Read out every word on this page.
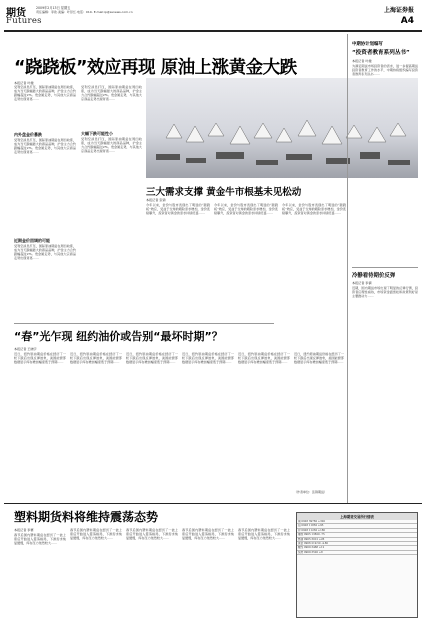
期货	2009年2月13日 星期五
责任编辑：李欧·美编：叶彭红·电话：010- E-mail:ip@ssnews.com.cn
Futures
上海证券报
A4
“跷跷板”效应再现 原油上涨黄金大跌
本报记者 叶健
受利空消息打压，国际原油期货在周四收涨，成为当天跌幅最大的商品品种，沪金主力合约跌幅超过2%。贵金属走势，与其他大宗商品走势出现背离……
内外盘金价暴跌
受利空消息打压，国际原油期货在周四收涨，成为当天跌幅最大的商品品种，沪金主力合约跌幅超过2%。贵金属走势，与其他大宗商品走势出现背离……
近期金价回调的可能
受利空消息打压，国际原油期货在周四收涨，成为当天跌幅最大的商品品种，沪金主力合约跌幅超过2%。贵金属走势，与其他大宗商品走势出现背离……
受利空消息打压，国际原油期货在周四收涨，成为当天跌幅最大的商品品种，沪金主力合约跌幅超过2%。贵金属走势，与其他大宗商品走势出现背离……
大幅下跌可能性小
受利空消息打压，国际原油期货在周四收涨，成为当天跌幅最大的商品品种，沪金主力合约跌幅超过2%。贵金属走势，与其他大宗商品走势出现背离……
三大需求支撑 黄金牛市根基未见松动
本报记者 张锦
今年以来，金价与股市表现出了明显的“跷跷板”效应，受益于全球的避险需求增加，金价连续攀升，投资者对黄金的需求持续旺盛……
今年以来，金价与股市表现出了明显的“跷跷板”效应，受益于全球的避险需求增加，金价连续攀升，投资者对黄金的需求持续旺盛……
今年以来，金价与股市表现出了明显的“跷跷板”效应，受益于全球的避险需求增加，金价连续攀升，投资者对黄金的需求持续旺盛……
中期协计划编写
“投资者教育系列丛书”
本报记者 叶健
为满足期货市场投资者的需求，进一步提高期货投资者教育工作的水平，中期协将组织编写投资者教育系列丛书……
冷静看待期价反弹
本报记者 李倩
近期，国内期货市场出现了明显的反弹行情，投资者应理性看待，市场资金面宽松和政策利好是主要推动力……
“春”光乍现 纽约油价或告别“最坏时期”？
本报记者 王晓宇
近日，纽约原油期货价格在经历了一轮下跌后出现反弹迹象，美国能源部数据显示库存增加幅度低于预期……
近日，纽约原油期货价格在经历了一轮下跌后出现反弹迹象，美国能源部数据显示库存增加幅度低于预期……
近日，纽约原油期货价格在经历了一轮下跌后出现反弹迹象，美国能源部数据显示库存增加幅度低于预期……
近日，纽约原油期货价格在经历了一轮下跌后出现反弹迹象，美国能源部数据显示库存增加幅度低于预期……
近日，纽约原油期货价格在经历了一轮下跌后出现反弹迹象，美国能源部数据显示库存增加幅度低于预期……
近日，纽约原油期货价格在经历了一轮下跌后出现反弹迹象，美国能源部数据显示库存增加幅度低于预期……
（作者单位：张锦期货）
塑料期货料将维持震荡态势
本报记者 李赛
春节后国内塑料期货在经历了一波上涨后开始进入震荡格局，下游需求恢复缓慢，库存压力依然较大……
春节后国内塑料期货在经历了一波上涨后开始进入震荡格局，下游需求恢复缓慢，库存压力依然较大……
春节后国内塑料期货在经历了一波上涨后开始进入震荡格局，下游需求恢复缓慢，库存压力依然较大……
春节后国内塑料期货在经历了一波上涨后开始进入震荡格局，下游需求恢复缓慢，库存压力依然较大……
春节后国内塑料期货在经历了一波上涨后开始进入震荡格局，下游需求恢复缓慢，库存压力依然较大……
上海期货交易所行情表
铜 0903 39760 +320
铝 0903 11850 +95
锌 0903 11230 +180
橡胶 0905 13820 -75
燃油 0905 3012 +26
黄金 0906 219.50 -4.80
螺纹 0909 3468 +12
线材 0909 3520 +8
